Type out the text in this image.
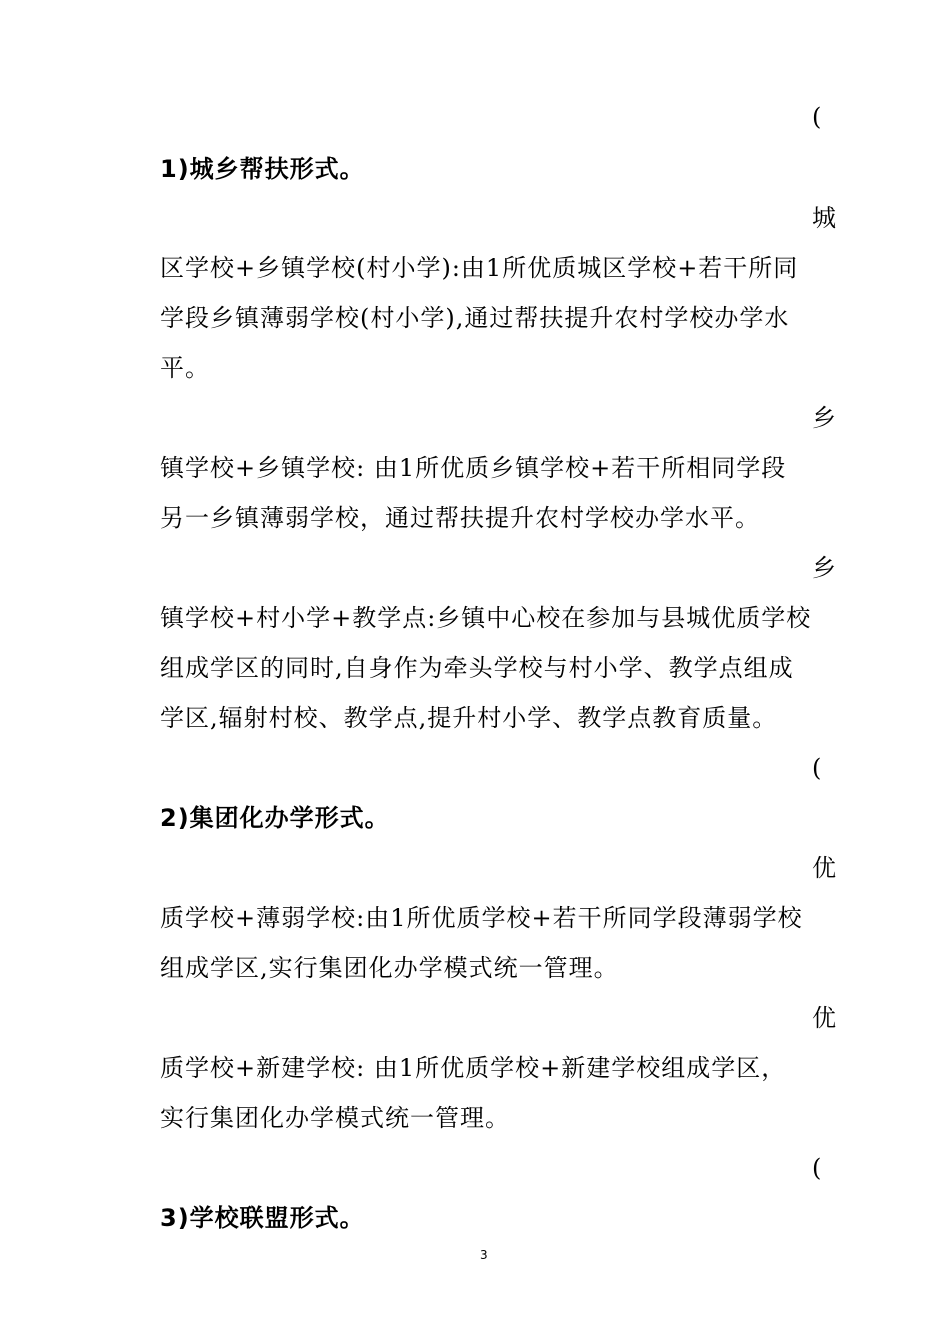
(
1)城乡帮扶形式。
城
区学校+乡镇学校(村小学):由1所优质城区学校+若干所同
学段乡镇薄弱学校(村小学),通过帮扶提升农村学校办学水
平。
乡
镇学校+乡镇学校: 由1所优质乡镇学校+若干所相同学段
另一乡镇薄弱学校，通过帮扶提升农村学校办学水平。
乡
镇学校+村小学+教学点:乡镇中心校在参加与县城优质学校
组成学区的同时,自身作为牵头学校与村小学、教学点组成
学区,辐射村校、教学点,提升村小学、教学点教育质量。
(
2)集团化办学形式。
优
质学校+薄弱学校:由1所优质学校+若干所同学段薄弱学校
组成学区,实行集团化办学模式统一管理。
优
质学校+新建学校: 由1所优质学校+新建学校组成学区，
实行集团化办学模式统一管理。
(
3)学校联盟形式。
3
